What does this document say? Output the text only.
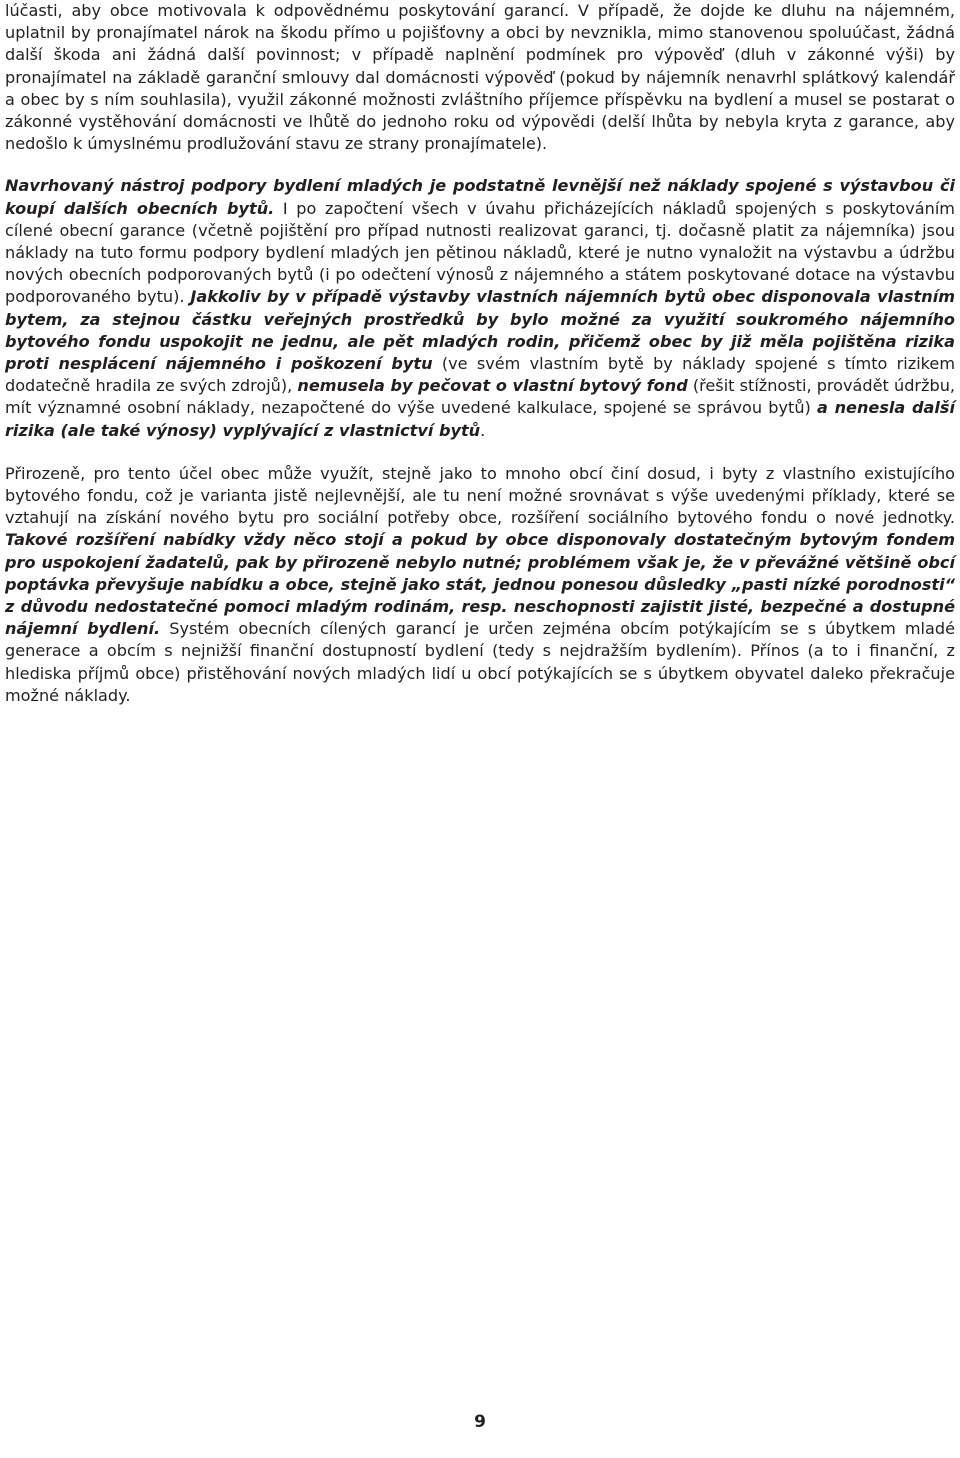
lúčasti, aby obce motivovala k odpovědnému poskytování garancí. V případě, že dojde ke dluhu na nájemném, uplatnil by pronajímatel nárok na škodu přímo u pojišťovny a obci by nevznikla, mimo stanovenou spoluúčast, žádná další škoda ani žádná další povinnost; v případě naplnění podmínek pro výpověď (dluh v zákonné výši) by pronajímatel na základě garanční smlouvy dal domácnosti výpověď (pokud by nájemník nenavrhl splátkový kalendář a obec by s ním souhlasila), využil zákonné možnosti zvláštního příjemce příspěvku na bydlení a musel se postarat o zákonné vystěhování domácnosti ve lhůtě do jednoho roku od výpovědi (delší lhůta by nebyla kryta z garance, aby nedošlo k úmyslnému prodlužování stavu ze strany pronajímatele).

Navrhovaný nástroj podpory bydlení mladých je podstatně levnější než náklady spojené s výstavbou či koupí dalších obecních bytů. I po započtení všech v úvahu přicházejících nákladů spojených s poskytováním cílené obecní garance (včetně pojištění pro případ nutnosti realizovat garanci, tj. dočasně platit za nájemníka) jsou náklady na tuto formu podpory bydlení mladých jen pětinou nákladů, které je nutno vynaložit na výstavbu a údržbu nových obecních podporovaných bytů (i po odečtení výnosů z nájemného a státem poskytované dotace na výstavbu podporovaného bytu). Jakkoliv by v případě výstavby vlastních nájemních bytů obec disponovala vlastním bytem, za stejnou částku veřejných prostředků by bylo možné za využití soukromého nájemního bytového fondu uspokojit ne jednu, ale pět mladých rodin, přičemž obec by již měla pojištěna rizika proti nesplácení nájemného i poškození bytu (ve svém vlastním bytě by náklady spojené s tímto rizikem dodatečně hradila ze svých zdrojů), nemusela by pečovat o vlastní bytový fond (řešit stížnosti, provádět údržbu, mít významné osobní náklady, nezapočtené do výše uvedené kalkulace, spojené se správou bytů) a nenesla další rizika (ale také výnosy) vyplývající z vlastnictví bytů.

Přirozeně, pro tento účel obec může využít, stejně jako to mnoho obcí činí dosud, i byty z vlastního existujícího bytového fondu, což je varianta jistě nejlevnější, ale tu není možné srovnávat s výše uvedenými příklady, které se vztahují na získání nového bytu pro sociální potřeby obce, rozšíření sociálního bytového fondu o nové jednotky. Takové rozšíření nabídky vždy něco stojí a pokud by obce disponovaly dostatečným bytovým fondem pro uspokojení žadatelů, pak by přirozeně nebylo nutné; problémem však je, že v převážné většině obcí poptávka převyšuje nabídku a obce, stejně jako stát, jednou ponesou důsledky „pasti nízké porodnosti“ z důvodu nedostatečné pomoci mladým rodinám, resp. neschopnosti zajistit jisté, bezpečné a dostupné nájemní bydlení. Systém obecních cílených garancí je určen zejména obcím potýkajícím se s úbytkem mladé generace a obcím s nejnižší finanční dostupností bydlení (tedy s nejdražším bydlením). Přínos (a to i finanční, z hlediska příjmů obce) přistěhování nových mladých lidí u obcí potýkajících se s úbytkem obyvatel daleko překračuje možné náklady.

9
